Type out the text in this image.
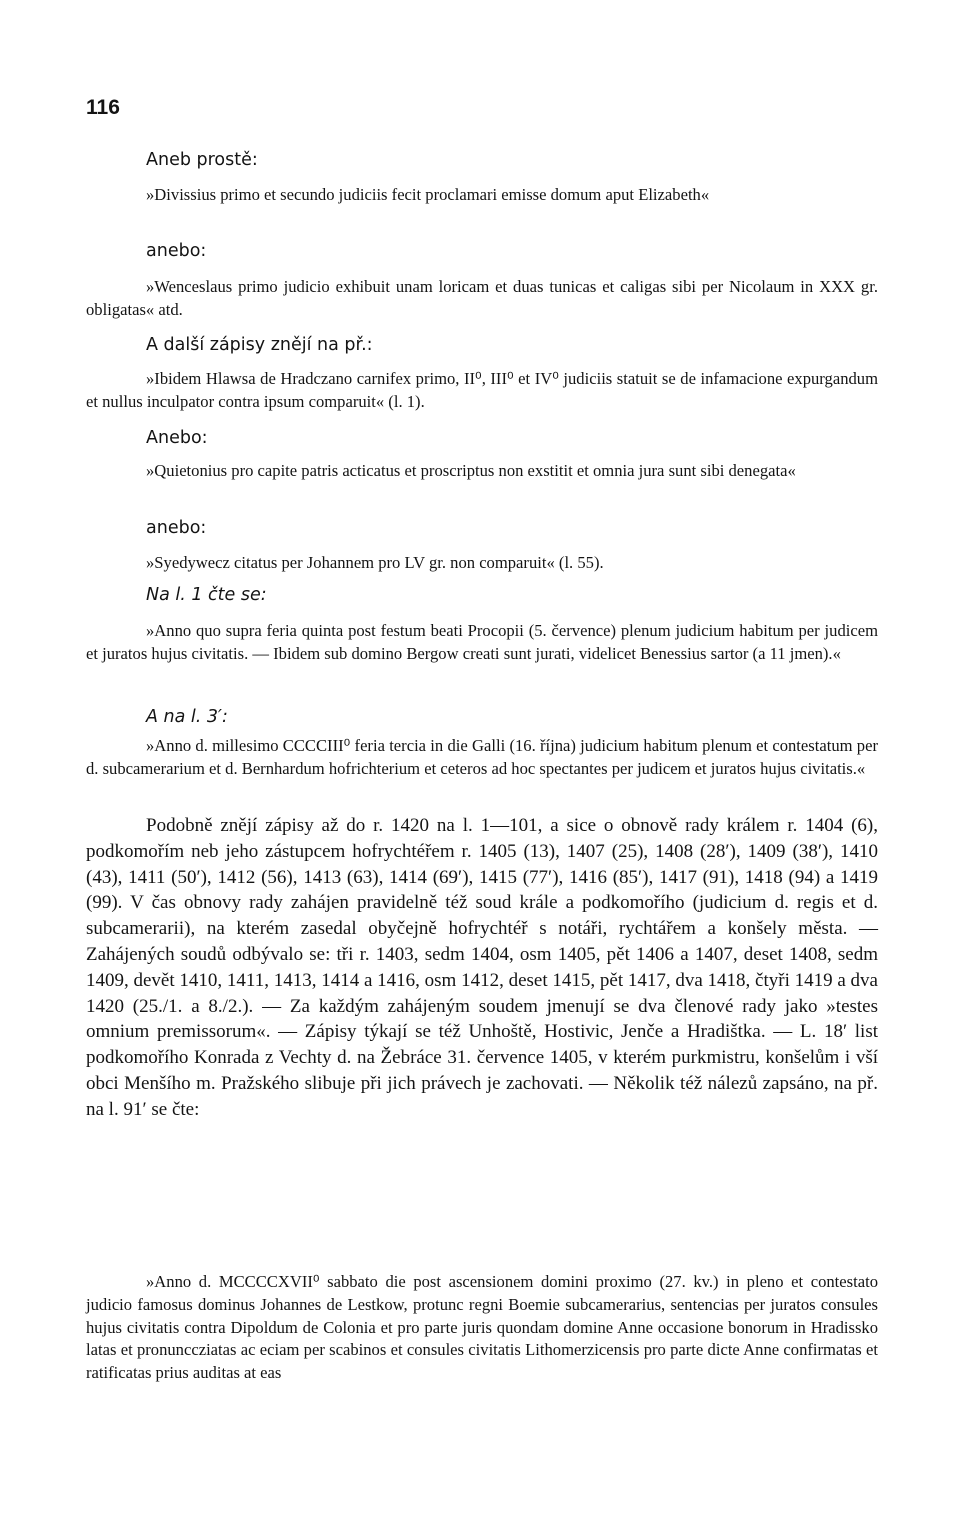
116
Aneb prostě:

»Divissius primo et secundo judiciis fecit proclamari emisse domum aput Elizabeth«

anebo:

»Wenceslaus primo judicio exhibuit unam loricam et duas tunicas et caligas sibi per Nicolaum in XXX gr. obligatas« atd.

A další zápisy znějí na př.:

»Ibidem Hlawsa de Hradczano carnifex primo, II⁰, III⁰ et IV⁰ judiciis statuit se de infamacione expurgandum et nullus inculpator contra ipsum comparuit« (l. 1).

Anebo:

»Quietonius pro capite patris acticatus et proscriptus non exstitit et omnia jura sunt sibi denegata«

anebo:

»Syedywecz citatus per Johannem pro LV gr. non comparuit« (l. 55).

Na l. 1 čte se:

»Anno quo supra feria quinta post festum beati Procopii (5. července) plenum judicium habitum per judicem et juratos hujus civitatis. — Ibidem sub domino Bergow creati sunt jurati, videlicet Benessius sartor (a 11 jmen).«

A na l. 3′:

»Anno d. millesimo CCCCIII⁰ feria tercia in die Galli (16. října) judicium habitum plenum et contestatum per d. subcamerarium et d. Bernhardum hofrichterium et ceteros ad hoc spectantes per judicem et juratos hujus civitatis.«

Podobně znějí zápisy až do r. 1420 na l. 1—101, a sice o obnově rady králem r. 1404 (6), podkomořím neb jeho zástupcem hofrychtéřem r. 1405 (13), 1407 (25), 1408 (28′), 1409 (38′), 1410 (43), 1411 (50′), 1412 (56), 1413 (63), 1414 (69′), 1415 (77′), 1416 (85′), 1417 (91), 1418 (94) a 1419 (99). V čas obnovy rady zahájen pravidelně též soud krále a podkomořího (judicium d. regis et d. subcamerarii), na kterém zasedal obyčejně hofrychtéř s notáři, rychtářem a konšely města. — Zahájených soudů odbývalo se: tři r. 1403, sedm 1404, osm 1405, pět 1406 a 1407, deset 1408, sedm 1409, devět 1410, 1411, 1413, 1414 a 1416, osm 1412, deset 1415, pět 1417, dva 1418, čtyři 1419 a dva 1420 (25./1. a 8./2.). — Za každým zahájeným soudem jmenují se dva členové rady jako »testes omnium premissorum«. — Zápisy týkají se též Unhoště, Hostivic, Jenče a Hradištka. — L. 18′ list podkomořího Konrada z Vechty d. na Žebráce 31. července 1405, v kterém purkmistru, konšelům i vší obci Menšího m. Pražského slibuje při jich právech je zachovati. — Několik též nálezů zapsáno, na př. na l. 91′ se čte:

»Anno d. MCCCCXVII⁰ sabbato die post ascensionem domini proximo (27. kv.) in pleno et contestato judicio famosus dominus Johannes de Lestkow, protunc regni Boemie subcamerarius, sentencias per juratos consules hujus civitatis contra Dipoldum de Colonia et pro parte juris quondam domine Anne occasione bonorum in Hradissko latas et pronunccziatas ac eciam per scabinos et consules civitatis Lithomerzicensis pro parte dicte Anne confirmatas et ratificatas prius auditas at eas
